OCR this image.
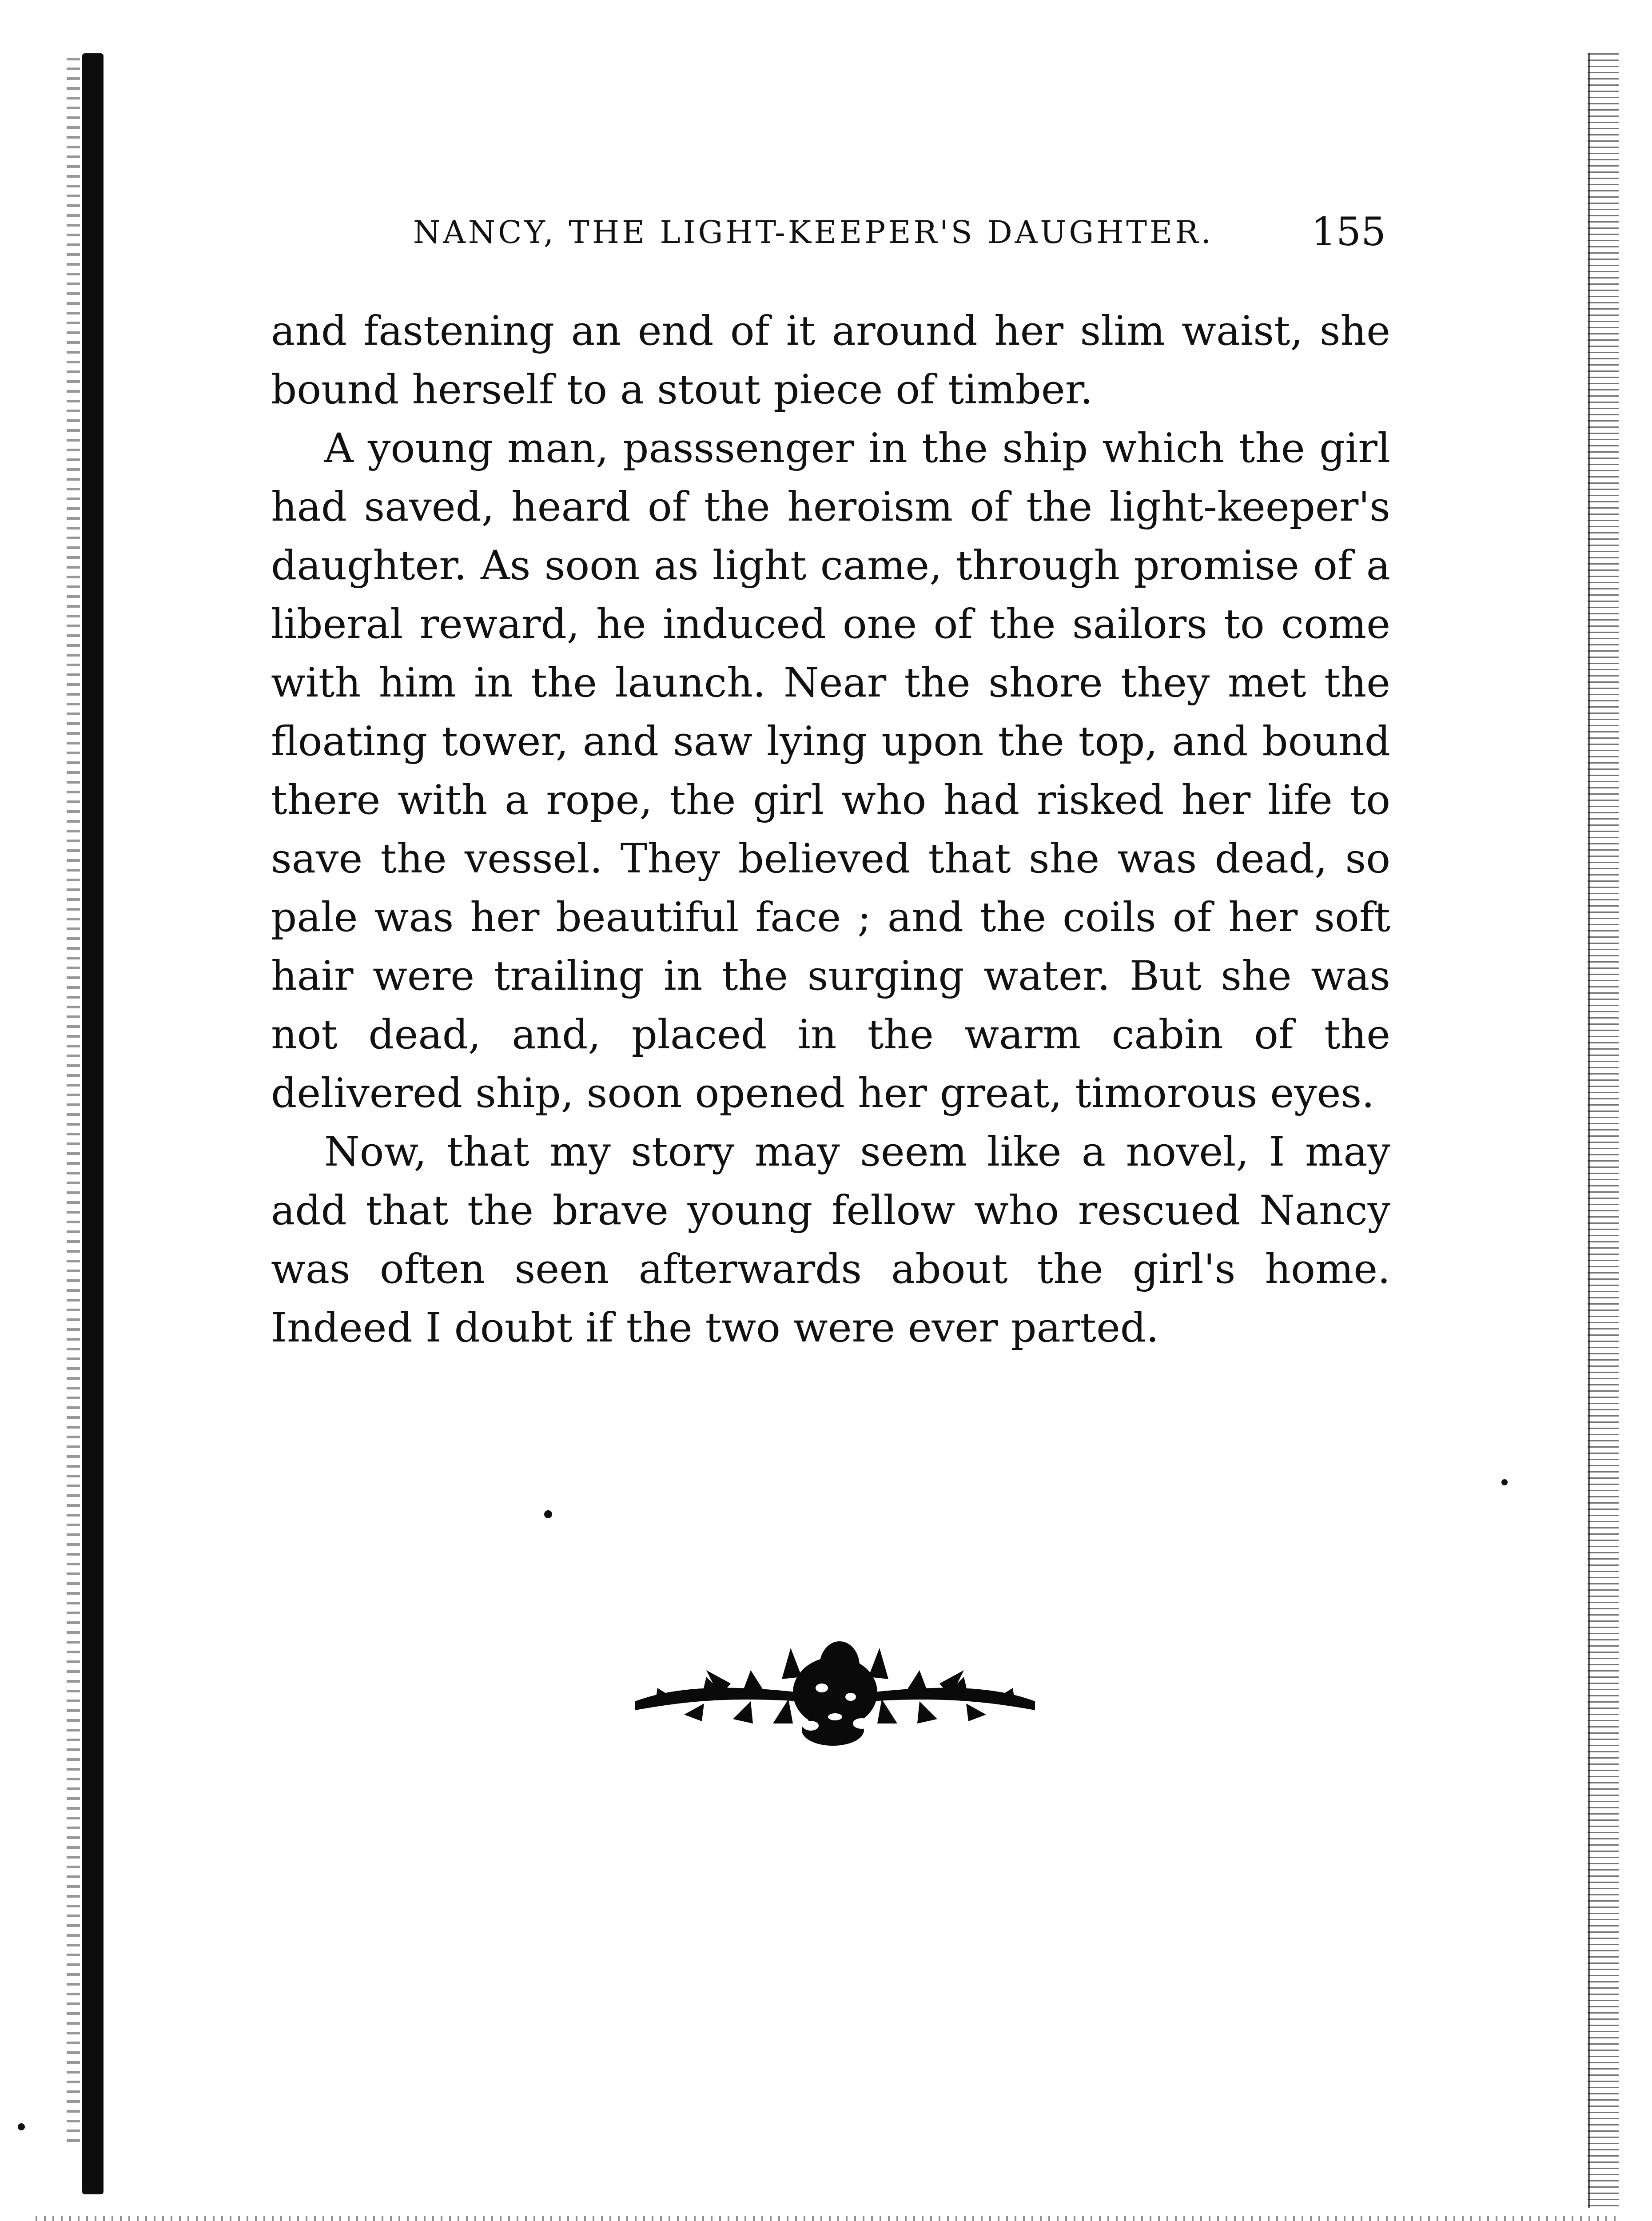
NANCY, THE LIGHT-KEEPER'S DAUGHTER.	155

and fastening an end of it around her slim waist, she bound herself to a stout piece of timber.

A young man, passsenger in the ship which the girl had saved, heard of the heroism of the light-keeper's daughter. As soon as light came, through promise of a liberal reward, he induced one of the sailors to come with him in the launch. Near the shore they met the floating tower, and saw lying upon the top, and bound there with a rope, the girl who had risked her life to save the vessel. They believed that she was dead, so pale was her beautiful face ; and the coils of her soft hair were trailing in the surging water. But she was not dead, and, placed in the warm cabin of the delivered ship, soon opened her great, timorous eyes.

Now, that my story may seem like a novel, I may add that the brave young fellow who rescued Nancy was often seen afterwards about the girl's home. Indeed I doubt if the two were ever parted.
